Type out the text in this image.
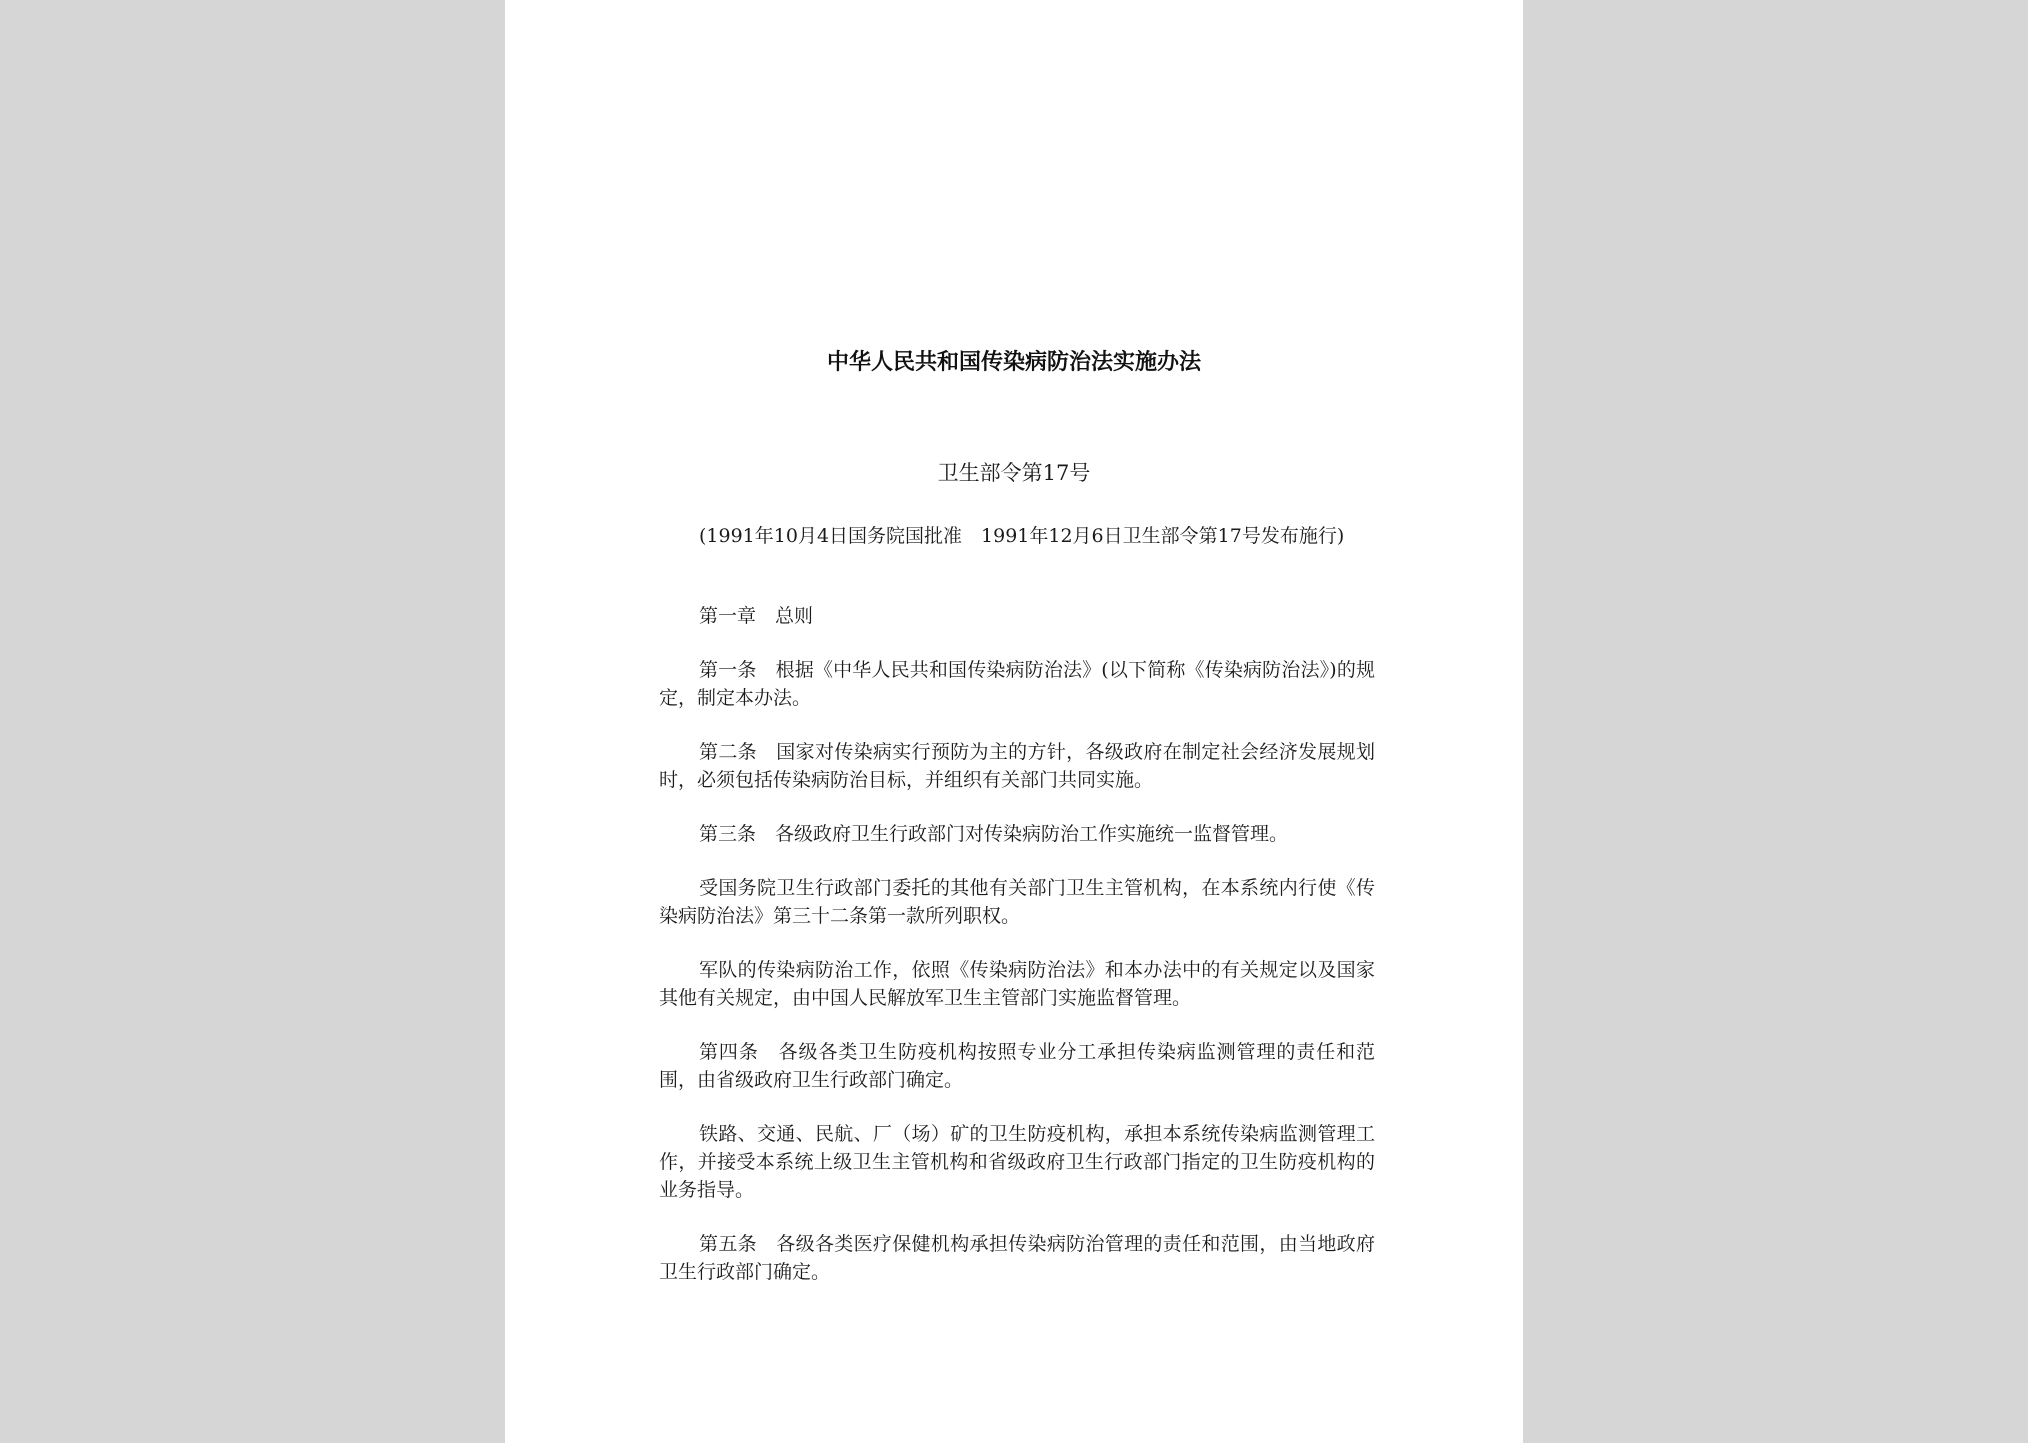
中华人民共和国传染病防治法实施办法
卫生部令第17号

(1991年10月4日国务院国批准　1991年12月6日卫生部令第17号发布施行)

第一章　总则

第一条　根据《中华人民共和国传染病防治法》(以下简称《传染病防治法》)的规定，制定本办法。

第二条　国家对传染病实行预防为主的方针，各级政府在制定社会经济发展规划时，必须包括传染病防治目标，并组织有关部门共同实施。

第三条　各级政府卫生行政部门对传染病防治工作实施统一监督管理。

受国务院卫生行政部门委托的其他有关部门卫生主管机构，在本系统内行使《传染病防治法》第三十二条第一款所列职权。

军队的传染病防治工作，依照《传染病防治法》和本办法中的有关规定以及国家其他有关规定，由中国人民解放军卫生主管部门实施监督管理。

第四条　各级各类卫生防疫机构按照专业分工承担传染病监测管理的责任和范围，由省级政府卫生行政部门确定。

铁路、交通、民航、厂（场）矿的卫生防疫机构，承担本系统传染病监测管理工作，并接受本系统上级卫生主管机构和省级政府卫生行政部门指定的卫生防疫机构的业务指导。

第五条　各级各类医疗保健机构承担传染病防治管理的责任和范围，由当地政府卫生行政部门确定。
